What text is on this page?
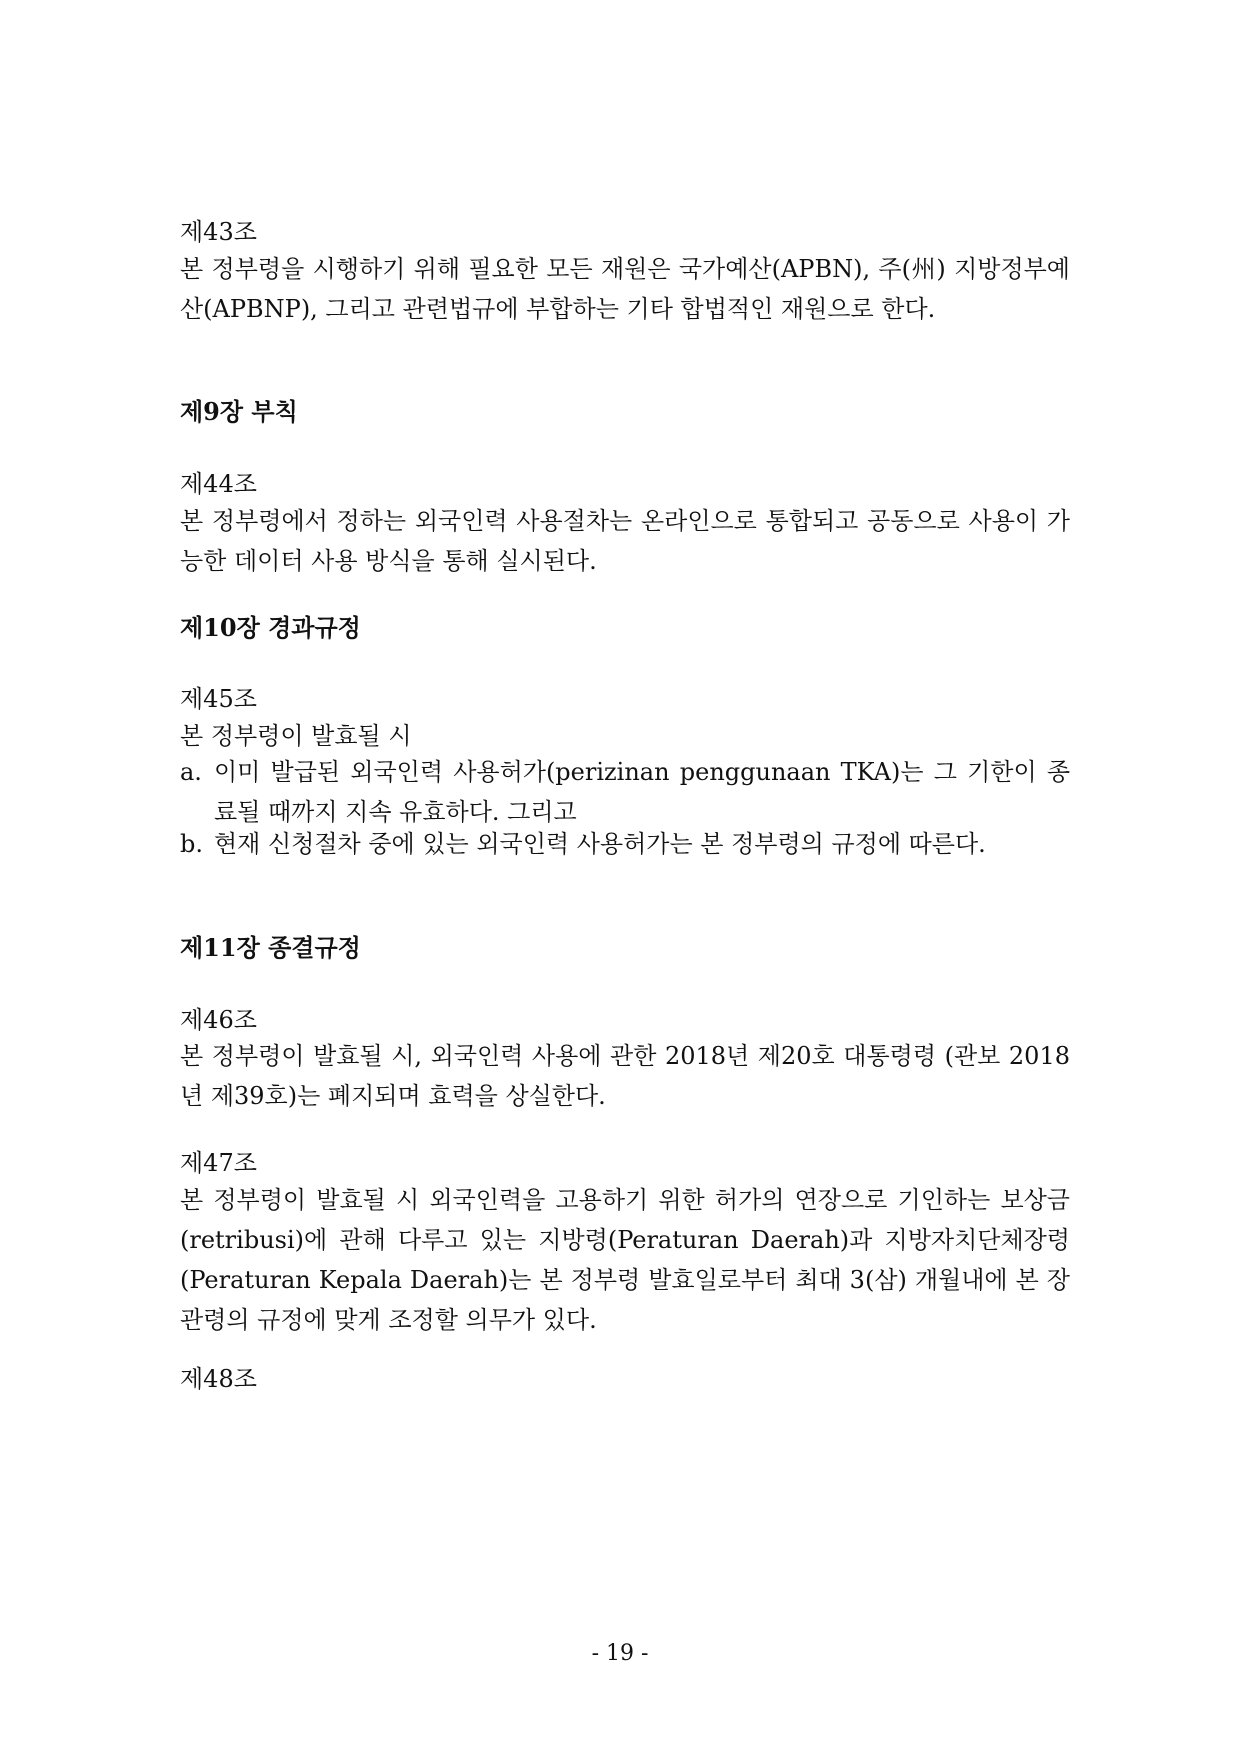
제43조

본 정부령을 시행하기 위해 필요한 모든 재원은 국가예산(APBN), 주(州) 지방정부예산(APBNP), 그리고 관련법규에 부합하는 기타 합법적인 재원으로 한다.

제9장 부칙
제44조

본 정부령에서 정하는 외국인력 사용절차는 온라인으로 통합되고 공동으로 사용이 가능한 데이터 사용 방식을 통해 실시된다.

제10장 경과규정
제45조
본 정부령이 발효될 시
a. 이미 발급된 외국인력 사용허가(perizinan penggunaan TKA)는 그 기한이 종료될 때까지 지속 유효하다. 그리고
b. 현재 신청절차 중에 있는 외국인력 사용허가는 본 정부령의 규정에 따른다.
제11장 종결규정
제46조

본 정부령이 발효될 시, 외국인력 사용에 관한 2018년 제20호 대통령령 (관보 2018년 제39호)는 폐지되며 효력을 상실한다.

제47조

본 정부령이 발효될 시 외국인력을 고용하기 위한 허가의 연장으로 기인하는 보상금(retribusi)에 관해 다루고 있는 지방령(Peraturan Daerah)과 지방자치단체장령(Peraturan Kepala Daerah)는 본 정부령 발효일로부터 최대 3(삼) 개월내에 본 장관령의 규정에 맞게 조정할 의무가 있다.

제48조
- 19 -
